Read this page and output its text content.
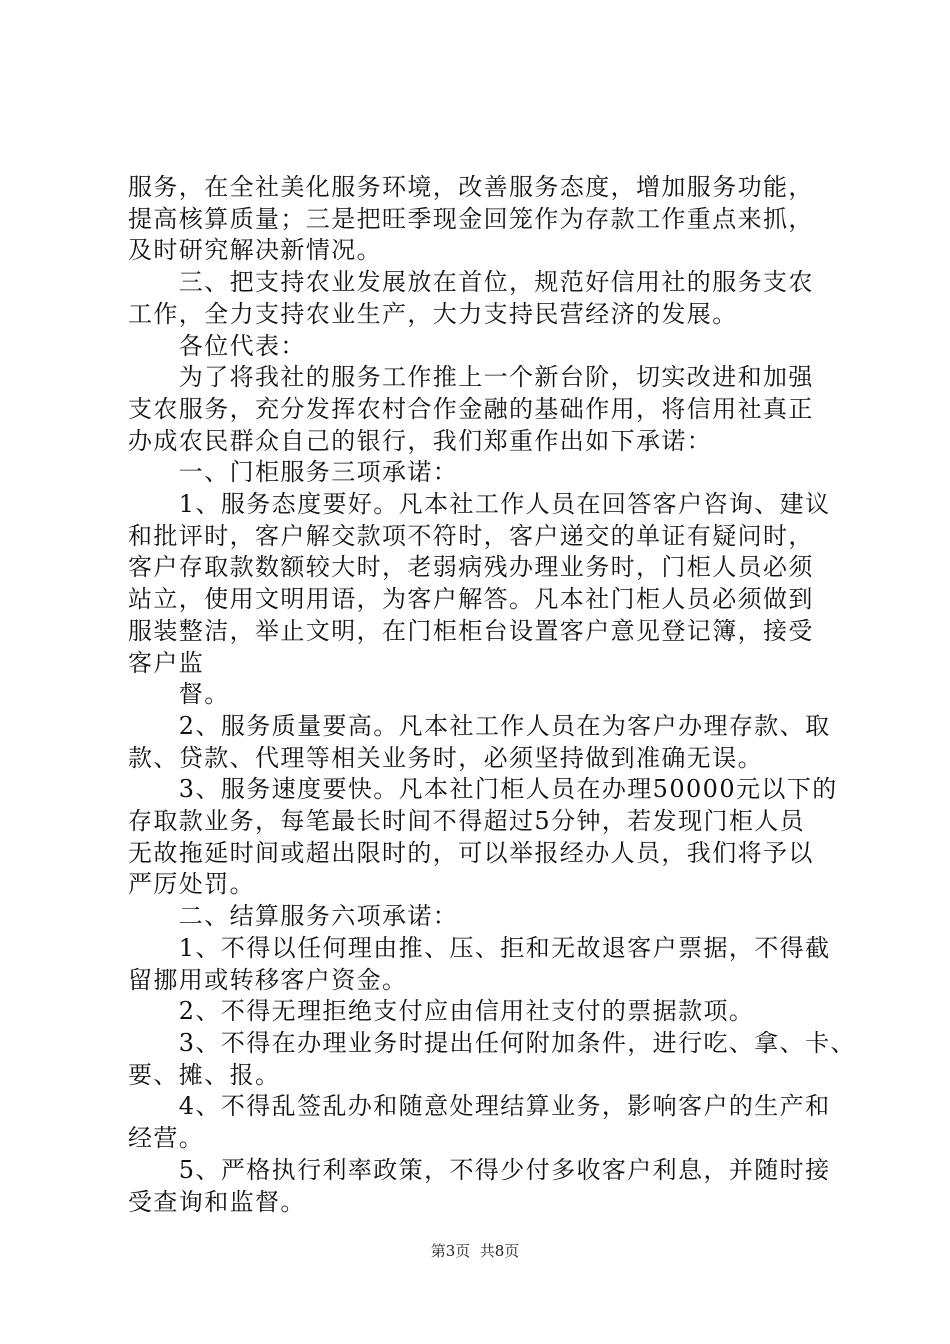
服务，在全社美化服务环境，改善服务态度，增加服务功能，
提高核算质量；三是把旺季现金回笼作为存款工作重点来抓，
及时研究解决新情况。
　　三、把支持农业发展放在首位，规范好信用社的服务支农
工作，全力支持农业生产，大力支持民营经济的发展。
　　各位代表：
　　为了将我社的服务工作推上一个新台阶，切实改进和加强
支农服务，充分发挥农村合作金融的基础作用，将信用社真正
办成农民群众自己的银行，我们郑重作出如下承诺：
　　一、门柜服务三项承诺：
　　1、服务态度要好。凡本社工作人员在回答客户咨询、建议
和批评时，客户解交款项不符时，客户递交的单证有疑问时，
客户存取款数额较大时，老弱病残办理业务时，门柜人员必须
站立，使用文明用语，为客户解答。凡本社门柜人员必须做到
服装整洁，举止文明，在门柜柜台设置客户意见登记簿，接受
客户监
　　督。
　　2、服务质量要高。凡本社工作人员在为客户办理存款、取
款、贷款、代理等相关业务时，必须坚持做到准确无误。
　　3、服务速度要快。凡本社门柜人员在办理50000元以下的
存取款业务，每笔最长时间不得超过5分钟，若发现门柜人员
无故拖延时间或超出限时的，可以举报经办人员，我们将予以
严厉处罚。
　　二、结算服务六项承诺：
　　1、不得以任何理由推、压、拒和无故退客户票据，不得截
留挪用或转移客户资金。
　　2、不得无理拒绝支付应由信用社支付的票据款项。
　　3、不得在办理业务时提出任何附加条件，进行吃、拿、卡、
要、摊、报。
　　4、不得乱签乱办和随意处理结算业务，影响客户的生产和
经营。
　　5、严格执行利率政策，不得少付多收客户利息，并随时接
受查询和监督。
第3页  共8页
